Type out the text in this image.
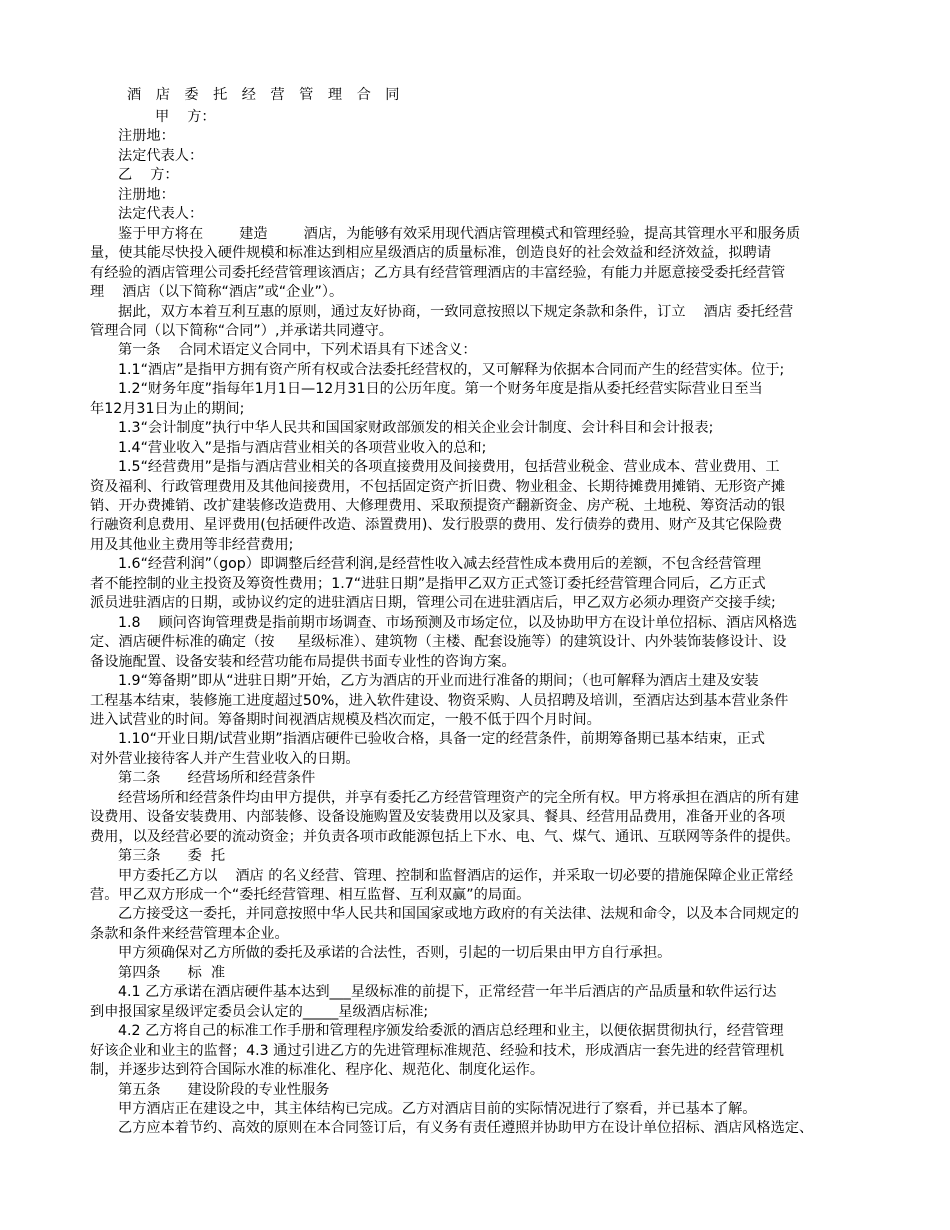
酒 店 委 托 经 营 管 理 合 同
甲    方：
注册地：
法定代表人：
乙    方：
注册地：
法定代表人：
鉴于甲方将在        建造        酒店，为能够有效采用现代酒店管理模式和管理经验，提高其管理水平和服务质
量，使其能尽快投入硬件规模和标准达到相应星级酒店的质量标准，创造良好的社会效益和经济效益，拟聘请
有经验的酒店管理公司委托经营管理该酒店；乙方具有经营管理酒店的丰富经验，有能力并愿意接受委托经营管
理    酒店（以下简称“酒店”或“企业”）。
据此，双方本着互利互惠的原则，通过友好协商，一致同意按照以下规定条款和条件，订立    酒店 委托经营
管理合同（以下简称“合同”）,并承诺共同遵守。
第一条    合同术语定义合同中，下列术语具有下述含义：
1.1“酒店”是指甲方拥有资产所有权或合法委托经营权的，又可解释为依据本合同而产生的经营实体。位于;
1.2“财务年度”指每年1月1日—12月31日的公历年度。第一个财务年度是指从委托经营实际营业日至当
年12月31日为止的期间;
1.3“会计制度”执行中华人民共和国国家财政部颁发的相关企业会计制度、会计科目和会计报表;
1.4“营业收入”是指与酒店营业相关的各项营业收入的总和;
1.5“经营费用”是指与酒店营业相关的各项直接费用及间接费用，包括营业税金、营业成本、营业费用、工
资及福利、行政管理费用及其他间接费用，不包括固定资产折旧费、物业租金、长期待摊费用摊销、无形资产摊
销、开办费摊销、改扩建装修改造费用、大修理费用、采取预提资产翻新资金、房产税、土地税、筹资活动的银
行融资利息费用、星评费用(包括硬件改造、添置费用)、发行股票的费用、发行债券的费用、财产及其它保险费
用及其他业主费用等非经营费用;
1.6“经营利润”（gop）即调整后经营利润,是经营性收入减去经营性成本费用后的差额，不包含经营管理
者不能控制的业主投资及筹资性费用；1.7“进驻日期”是指甲乙双方正式签订委托经营管理合同后，乙方正式
派员进驻酒店的日期，或协议约定的进驻酒店日期，管理公司在进驻酒店后，甲乙双方必须办理资产交接手续;
1.8    顾问咨询管理费是指前期市场调查、市场预测及市场定位，以及协助甲方在设计单位招标、酒店风格选
定、酒店硬件标准的确定（按     星级标准）、建筑物（主楼、配套设施等）的建筑设计、内外装饰装修设计、设
备设施配置、设备安装和经营功能布局提供书面专业性的咨询方案。
1.9“筹备期”即从“进驻日期”开始，乙方为酒店的开业而进行准备的期间；（也可解释为酒店土建及安装
工程基本结束，装修施工进度超过50%，进入软件建设、物资采购、人员招聘及培训，至酒店达到基本营业条件
进入试营业的时间。筹备期时间视酒店规模及档次而定，一般不低于四个月时间。
1.10“开业日期/试营业期”指酒店硬件已验收合格，具备一定的经营条件，前期筹备期已基本结束，正式
对外营业接待客人并产生营业收入的日期。
第二条      经营场所和经营条件
经营场所和经营条件均由甲方提供，并享有委托乙方经营管理资产的完全所有权。甲方将承担在酒店的所有建
设费用、设备安装费用、内部装修、设备设施购置及安装费用以及家具、餐具、经营用品费用，准备开业的各项
费用，以及经营必要的流动资金；并负责各项市政能源包括上下水、电、气、煤气、通讯、互联网等条件的提供。
第三条      委  托
甲方委托乙方以    酒店 的名义经营、管理、控制和监督酒店的运作，并采取一切必要的措施保障企业正常经
营。甲乙双方形成一个“委托经营管理、相互监督、互利双赢”的局面。
乙方接受这一委托，并同意按照中华人民共和国国家或地方政府的有关法律、法规和命令，以及本合同规定的
条款和条件来经营管理本企业。
甲方须确保对乙方所做的委托及承诺的合法性，否则，引起的一切后果由甲方自行承担。
第四条      标  准
4.1 乙方承诺在酒店硬件基本达到___星级标准的前提下，正常经营一年半后酒店的产品质量和软件运行达
到申报国家星级评定委员会认定的_____星级酒店标准;
4.2 乙方将自己的标准工作手册和管理程序颁发给委派的酒店总经理和业主，以便依据贯彻执行，经营管理
好该企业和业主的监督；4.3 通过引进乙方的先进管理标准规范、经验和技术，形成酒店一套先进的经营管理机
制，并逐步达到符合国际水准的标准化、程序化、规范化、制度化运作。
第五条      建设阶段的专业性服务
甲方酒店正在建设之中，其主体结构已完成。乙方对酒店目前的实际情况进行了察看，并已基本了解。
乙方应本着节约、高效的原则在本合同签订后，有义务有责任遵照并协助甲方在设计单位招标、酒店风格选定、
